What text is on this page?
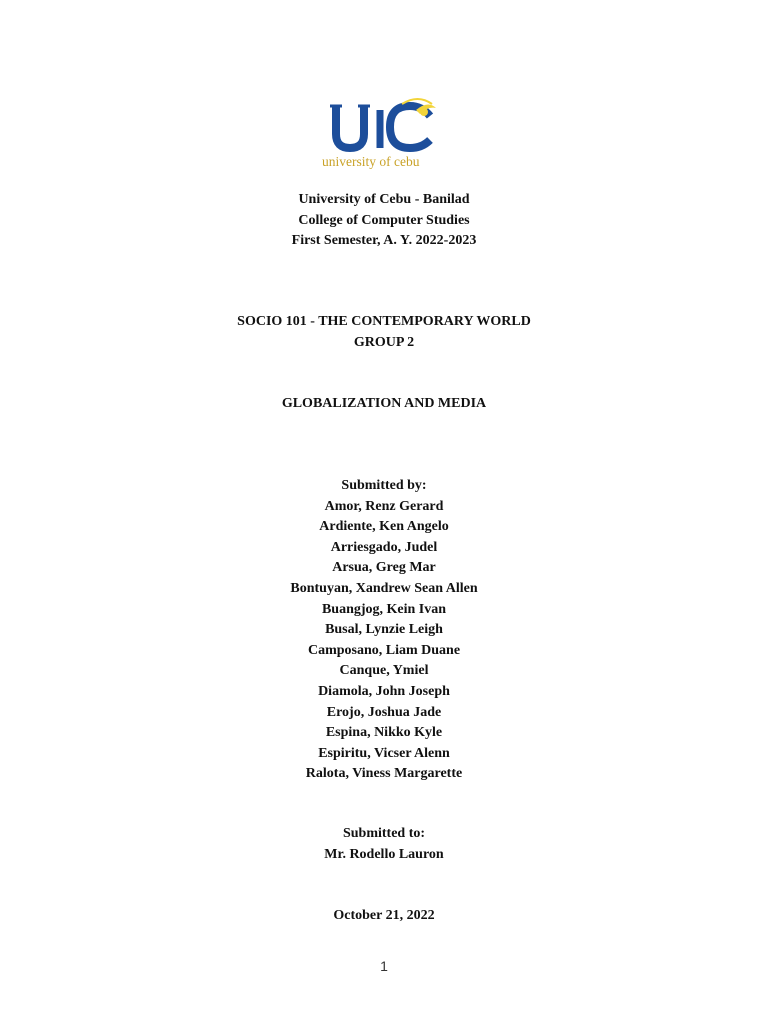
university of cebu

University of Cebu - Banilad

College of Computer Studies

First Semester, A. Y. 2022-2023

SOCIO 101 - THE CONTEMPORARY WORLD

GROUP 2

GLOBALIZATION AND MEDIA

Submitted by:

Amor, Renz Gerard

Ardiente, Ken Angelo

Arriesgado, Judel

Arsua, Greg Mar

Bontuyan, Xandrew Sean Allen

Buangjog, Kein Ivan

Busal, Lynzie Leigh

Camposano, Liam Duane

Canque, Ymiel

Diamola, John Joseph

Erojo, Joshua Jade

Espina, Nikko Kyle

Espiritu, Vicser Alenn

Ralota, Viness Margarette

Submitted to:

Mr. Rodello Lauron

October 21, 2022

1
